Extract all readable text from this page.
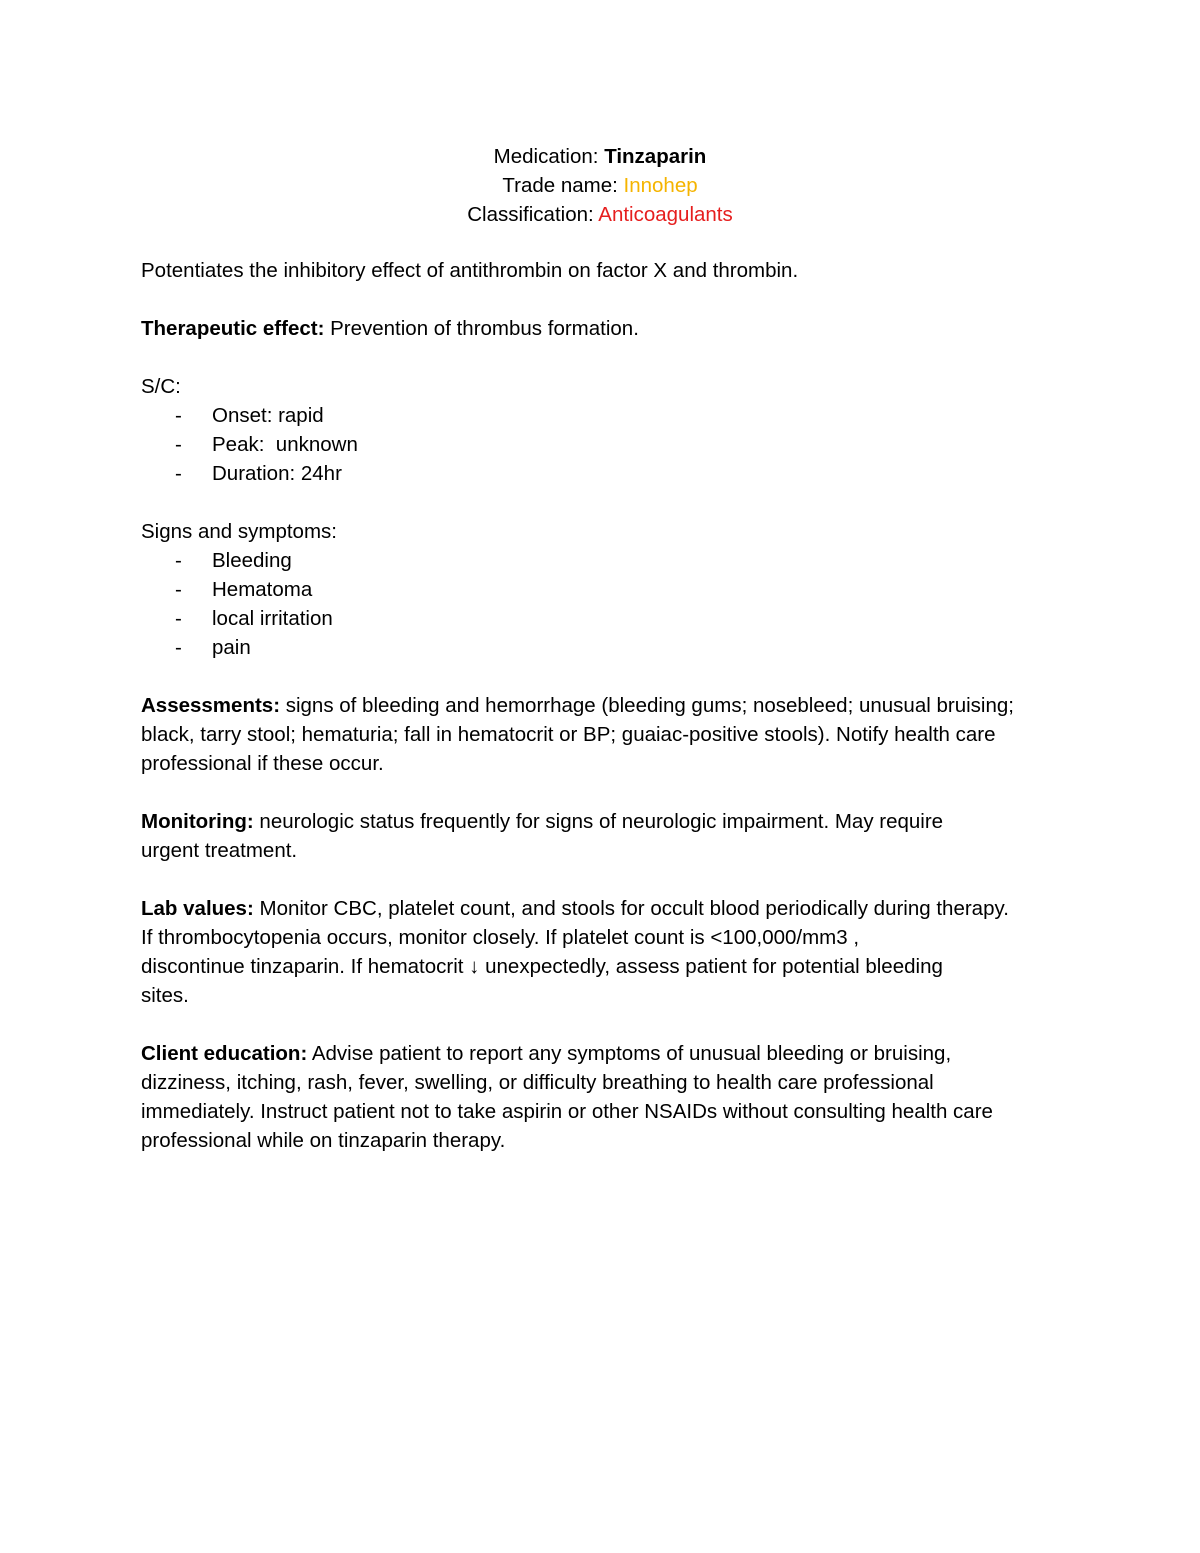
Medication: Tinzaparin
Trade name: Innohep
Classification: Anticoagulants

Potentiates the inhibitory effect of antithrombin on factor X and thrombin.

Therapeutic effect: Prevention of thrombus formation.

S/C:

- Onset: rapid
- Peak:  unknown
- Duration: 24hr

Signs and symptoms:

- Bleeding
- Hematoma
- local irritation
- pain

Assessments: signs of bleeding and hemorrhage (bleeding gums; nosebleed; unusual bruising;

black, tarry stool; hematuria; fall in hematocrit or BP; guaiac-positive stools). Notify health care

professional if these occur.

Monitoring: neurologic status frequently for signs of neurologic impairment. May require

urgent treatment.

Lab values: Monitor CBC, platelet count, and stools for occult blood periodically during therapy.

If thrombocytopenia occurs, monitor closely. If platelet count is <100,000/mm3 ,

discontinue tinzaparin. If hematocrit ↓ unexpectedly, assess patient for potential bleeding

sites.

Client education: Advise patient to report any symptoms of unusual bleeding or bruising,

dizziness, itching, rash, fever, swelling, or difficulty breathing to health care professional

immediately. Instruct patient not to take aspirin or other NSAIDs without consulting health care

professional while on tinzaparin therapy.
